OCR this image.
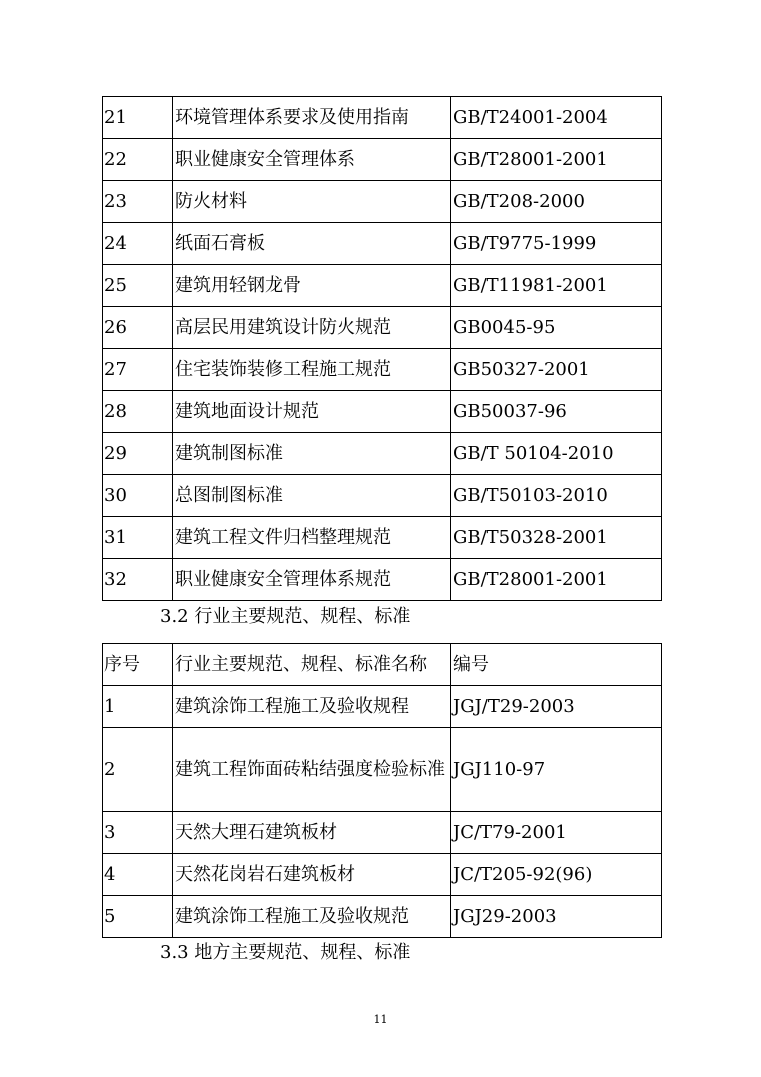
21	环境管理体系要求及使用指南	GB/T24001-2004
22	职业健康安全管理体系	GB/T28001-2001
23	防火材料	GB/T208-2000
24	纸面石膏板	GB/T9775-1999
25	建筑用轻钢龙骨	GB/T11981-2001
26	高层民用建筑设计防火规范	GB0045-95
27	住宅装饰装修工程施工规范	GB50327-2001
28	建筑地面设计规范	GB50037-96
29	建筑制图标准	GB/T 50104-2010
30	总图制图标准	GB/T50103-2010
31	建筑工程文件归档整理规范	GB/T50328-2001
32	职业健康安全管理体系规范	GB/T28001-2001
3.2 行业主要规范、规程、标准
序号	行业主要规范、规程、标准名称	编号
1	建筑涂饰工程施工及验收规程	JGJ/T29-2003
2	建筑工程饰面砖粘结强度检验标准	JGJ110-97
3	天然大理石建筑板材	JC/T79-2001
4	天然花岗岩石建筑板材	JC/T205-92(96)
5	建筑涂饰工程施工及验收规范	JGJ29-2003
3.3 地方主要规范、规程、标准
11
